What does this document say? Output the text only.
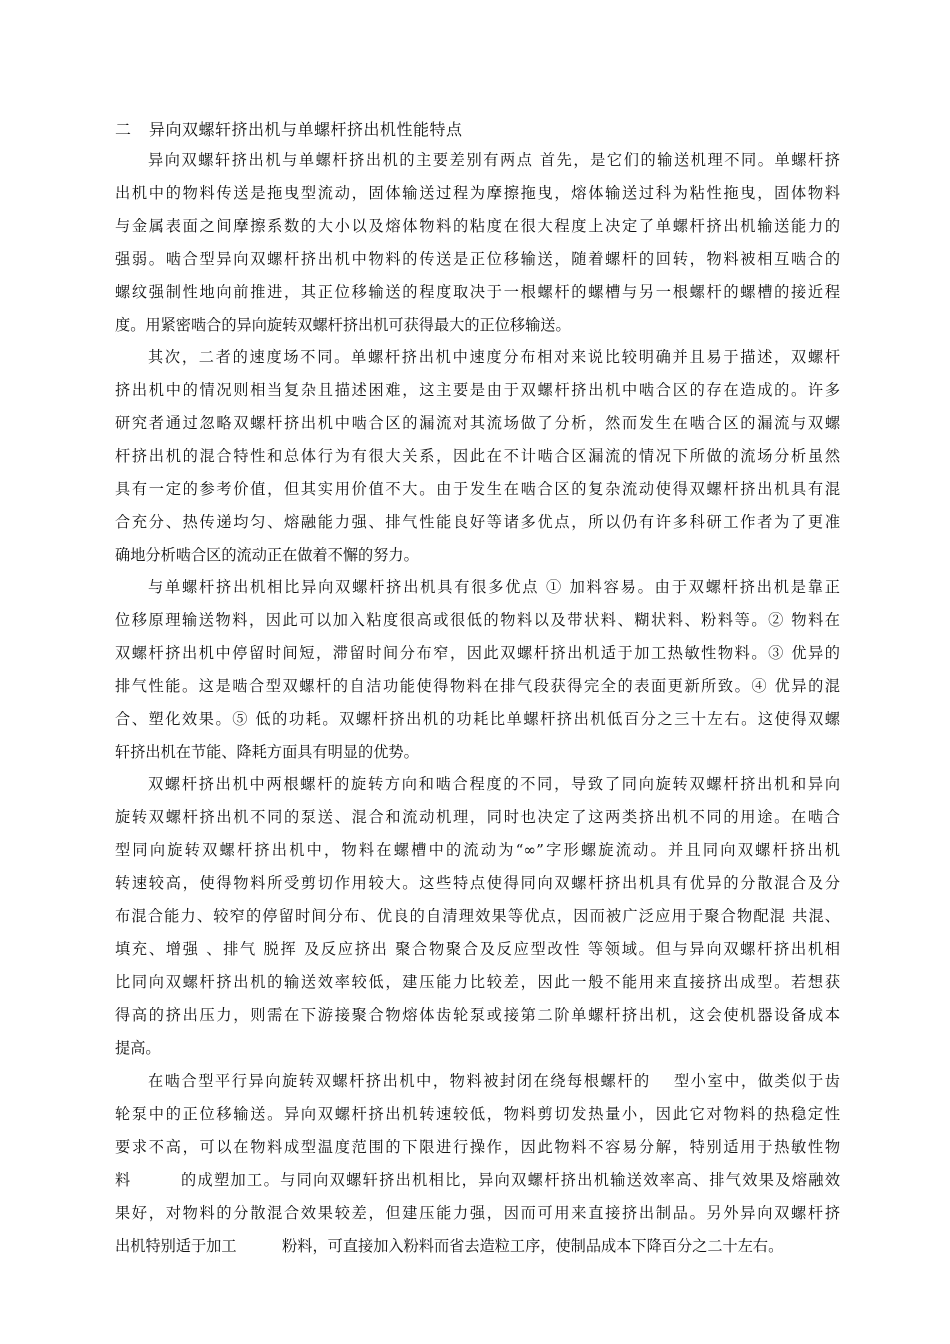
二 异向双螺轩挤出机与单螺杆挤出机性能特点
异向双螺轩挤出机与单螺杆挤出机的主要差别有两点 首先，是它们的输送机理不同。单螺杆挤
出机中的物料传送是拖曳型流动，固体输送过程为摩擦拖曳，熔体输送过科为粘性拖曳，固体物料
与金属表面之间摩擦系数的大小以及熔体物料的粘度在很大程度上决定了单螺杆挤出机输送能力的
强弱。啮合型异向双螺杆挤出机中物料的传送是正位移输送，随着螺杆的回转，物料被相互啮合的
螺纹强制性地向前推进，其正位移输送的程度取决于一根螺杆的螺槽与另一根螺杆的螺槽的接近程
度。用紧密啮合的异向旋转双螺杆挤出机可获得最大的正位移输送。
其次，二者的速度场不同。单螺杆挤出机中速度分布相对来说比较明确并且易于描述，双螺杆
挤出机中的情况则相当复杂且描述困难，这主要是由于双螺杆挤出机中啮合区的存在造成的。许多
研究者通过忽略双螺杆挤出机中啮合区的漏流对其流场做了分析，然而发生在啮合区的漏流与双螺
杆挤出机的混合特性和总体行为有很大关系，因此在不计啮合区漏流的情况下所做的流场分析虽然
具有一定的参考价值，但其实用价值不大。由于发生在啮合区的复杂流动使得双螺杆挤出机具有混
合充分、热传递均匀、熔融能力强、排气性能良好等诸多优点，所以仍有许多科研工作者为了更准
确地分析啮合区的流动正在做着不懈的努力。
与单螺杆挤出机相比异向双螺杆挤出机具有很多优点 ① 加料容易。由于双螺杆挤出机是靠正
位移原理输送物料，因此可以加入粘度很高或很低的物料以及带状料、糊状料、粉料等。② 物料在
双螺杆挤出机中停留时间短，滞留时间分布窄，因此双螺杆挤出机适于加工热敏性物料。③ 优异的
排气性能。这是啮合型双螺杆的自洁功能使得物料在排气段获得完全的表面更新所致。④ 优异的混
合、塑化效果。⑤ 低的功耗。双螺杆挤出机的功耗比单螺杆挤出机低百分之三十左右。这使得双螺
轩挤出机在节能、降耗方面具有明显的优势。
双螺杆挤出机中两根螺杆的旋转方向和啮合程度的不同，导致了同向旋转双螺杆挤出机和异向
旋转双螺杆挤出机不同的泵送、混合和流动机理，同时也决定了这两类挤出机不同的用途。在啮合
型同向旋转双螺杆挤出机中，物料在螺槽中的流动为“∞”字形螺旋流动。并且同向双螺杆挤出机
转速较高，使得物料所受剪切作用较大。这些特点使得同向双螺杆挤出机具有优异的分散混合及分
布混合能力、较窄的停留时间分布、优良的自清理效果等优点，因而被广泛应用于聚合物配混 共混、
填充、增强 、排气 脱挥 及反应挤出 聚合物聚合及反应型改性 等领域。但与异向双螺杆挤出机相
比同向双螺杆挤出机的输送效率较低，建压能力比较差，因此一般不能用来直接挤出成型。若想获
得高的挤出压力，则需在下游接聚合物熔体齿轮泵或接第二阶单螺杆挤出机，这会使机器设备成本
提高。
在啮合型平行异向旋转双螺杆挤出机中，物料被封闭在绕每根螺杆的　 型小室中，做类似于齿
轮泵中的正位移输送。异向双螺杆挤出机转速较低，物料剪切发热量小，因此它对物料的热稳定性
要求不高，可以在物料成型温度范围的下限进行操作，因此物料不容易分解，特别适用于热敏性物
料　　　的成塑加工。与同向双螺轩挤出机相比，异向双螺杆挤出机输送效率高、排气效果及熔融效
果好，对物料的分散混合效果较差，但建压能力强，因而可用来直接挤出制品。另外异向双螺杆挤
出机特别适于加工　　　粉料，可直接加入粉料而省去造粒工序，使制品成本下降百分之二十左右。
